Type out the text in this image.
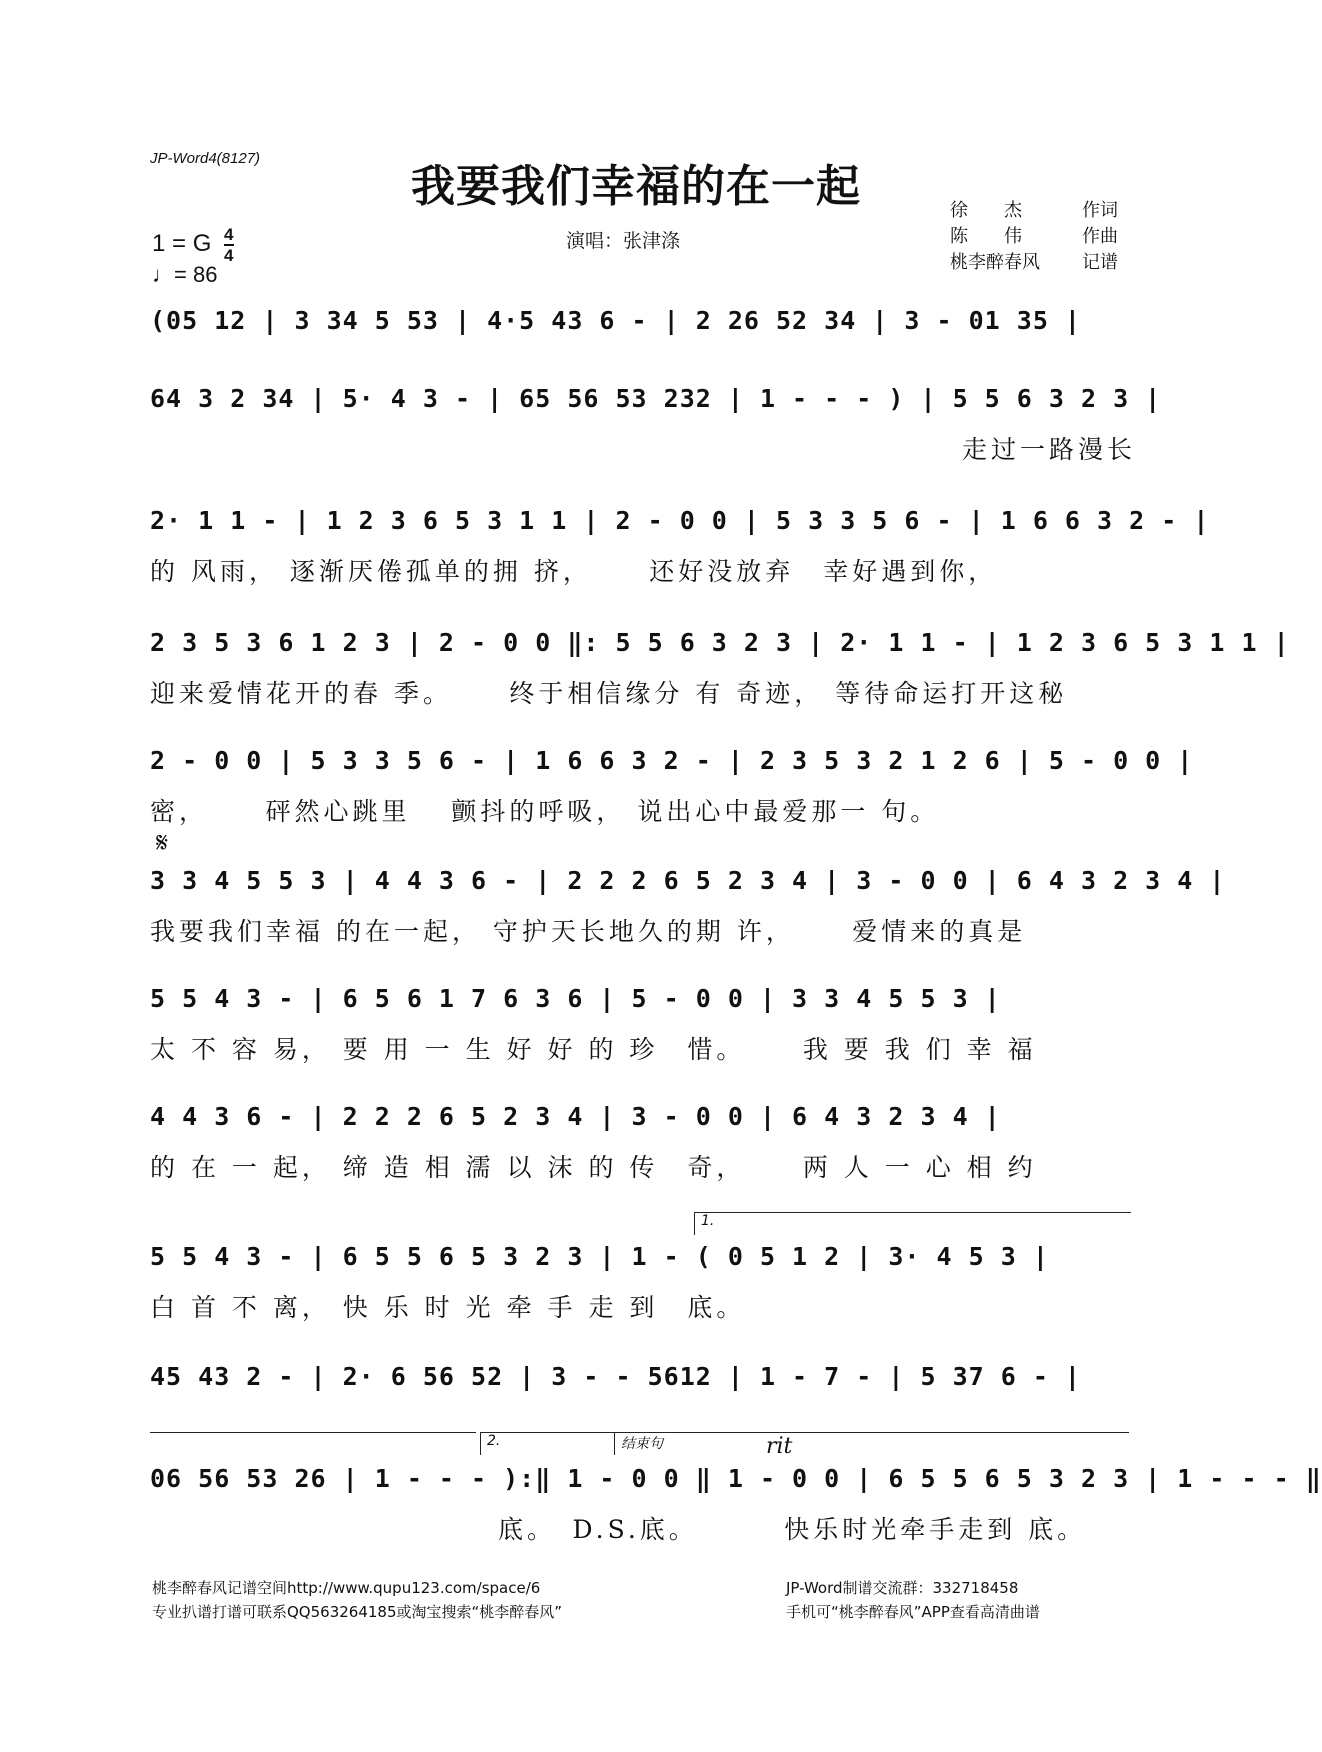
JP-Word4(8127)
我要我们幸福的在一起
1 = G $\frac{4}{4}$
♩= 86
演唱：张津涤
徐　　杰	作词
陈　　伟	作曲
桃李醉春风 记谱
(05 12 | 3 34 5 53 | 4·5 43 6 - | 2 26 52 34 | 3 - 01 35 |
64 3 2 34 | 5· 4 3 - | 65 56 53 232 | 1 - - - ) | 5 5 6 3 2 3 |
　　　　　　　　　　　　　　　　　　　　　　　　　　　　走过一路漫长
2· 1 1 - | 1 2 3 6 5 3 1 1 | 2 - 0 0 | 5 3 3 5 6 - | 1 6 6 3 2 - |
的 风雨， 逐渐厌倦孤单的拥 挤，　　 还好没放弃　幸好遇到你，
2 3 5 3 6 1 2 3 | 2 - 0 0 ‖: 5 5 6 3 2 3 | 2· 1 1 - | 1 2 3 6 5 3 1 1 |
迎来爱情花开的春 季。　　 终于相信缘分 有 奇迹， 等待命运打开这秘
2 - 0 0 | 5 3 3 5 6 - | 1 6 6 3 2 - | 2 3 5 3 2 1 2 6 | 5 - 0 0 |
密，　　 砰然心跳里　 颤抖的呼吸， 说出心中最爱那一 句。
𝄋
3 3 4 5 5 3 | 4 4 3 6 - | 2 2 2 6 5 2 3 4 | 3 - 0 0 | 6 4 3 2 3 4 |
我要我们幸福 的在一起， 守护天长地久的期 许，　　 爱情来的真是
5 5 4 3 - | 6 5 6 1 7 6 3 6 | 5 - 0 0 | 3 3 4 5 5 3 |
太 不 容 易， 要 用 一 生 好 好 的 珍　惜。　　 我 要 我 们 幸 福
4 4 3 6 - | 2 2 2 6 5 2 3 4 | 3 - 0 0 | 6 4 3 2 3 4 |
的 在 一 起， 缔 造 相 濡 以 沫 的 传　奇，　　 两 人 一 心 相 约
1.
5 5 4 3 - | 6 5 5 6 5 3 2 3 | 1 - ( 0 5 1 2 | 3· 4 5 3 |
白 首 不 离， 快 乐 时 光 牵 手 走 到　底。
45 43 2 - | 2· 6 56 52 | 3 - - 5612 | 1 - 7 - | 5 37 6 - |
2.	结束句	rit
06 56 53 26 | 1 - - - ):‖ 1 - 0 0 ‖ 1 - 0 0 | 6 5 5 6 5 3 2 3 | 1 - - - ‖
　　　　　　　　　　　　底。　D.S.底。　　　 快乐时光牵手走到 底。
桃李醉春风记谱空间http://www.qupu123.com/space/6
专业扒谱打谱可联系QQ563264185或淘宝搜索“桃李醉春风”
JP-Word制谱交流群：332718458
手机可“桃李醉春风”APP查看高清曲谱
